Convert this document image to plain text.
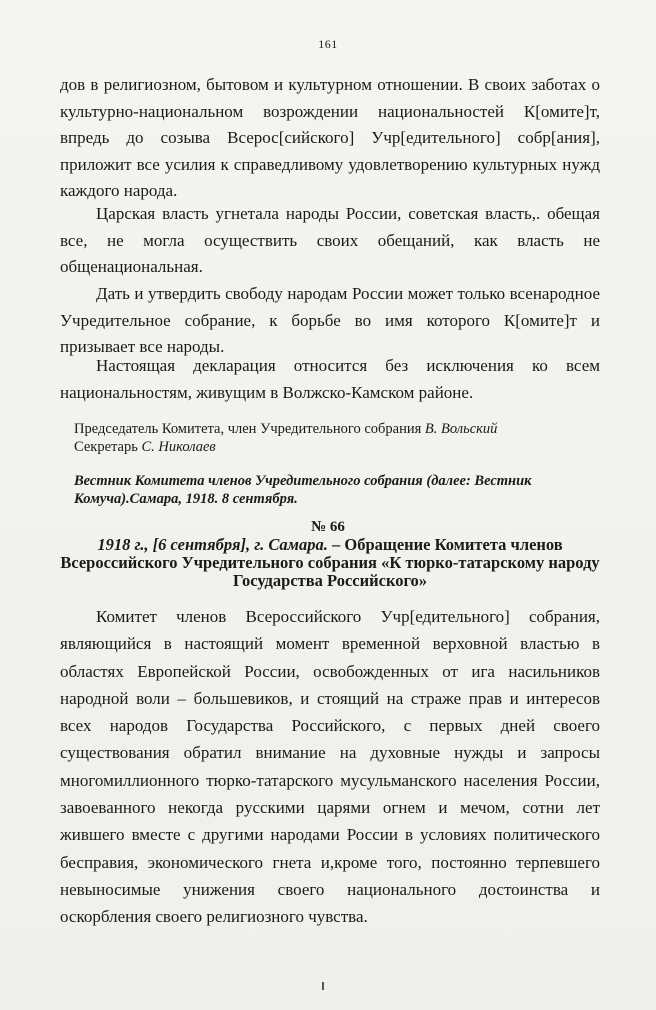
161

дов в религиозном, бытовом и культурном отношении. В своих заботах о культурно-национальном возрождении национальностей К[омите]т, впредь до созыва Всерос[сийского] Учр[едительного] собр[ания], приложит все усилия к справедливому удовлетворению культурных нужд каждого народа.

Царская власть угнетала народы России, советская власть,. обещая все, не могла осуществить своих обещаний, как власть не общенациональная.

Дать и утвердить свободу народам России может только всенародное Учредительное собрание, к борьбе во имя которого К[омите]т и призывает все народы.

Настоящая декларация относится без исключения ко всем национальностям, живущим в Волжско-Камском районе.

Председатель Комитета, член Учредительного собрания В. Вольский

Секретарь С. Николаев

Вестник Комитета членов Учредительного собрания (далее: Вестник Комуча).Самара, 1918. 8 сентября.

№ 66

1918 г., [6 сентября], г. Самара. – Обращение Комитета членов Всероссийского Учредительного собрания «К тюрко-татарскому народу Государства Российского»

Комитет членов Всероссийского Учр[едительного] собрания, являющийся в настоящий момент временной верховной властью в областях Европейской России, освобожденных от ига насильников народной воли – большевиков, и стоящий на страже прав и интересов всех народов Государства Российского, с первых дней своего существования обратил внимание на духовные нужды и запросы многомиллионного тюрко-татарского мусульманского населения России, завоеванного некогда русскими царями огнем и мечом, сотни лет жившего вместе с другими народами России в условиях политического бесправия, экономического гнета и,кроме того, постоянно терпевшего невыносимые унижения своего национального достоинства и оскорбления своего религиозного чувства.
